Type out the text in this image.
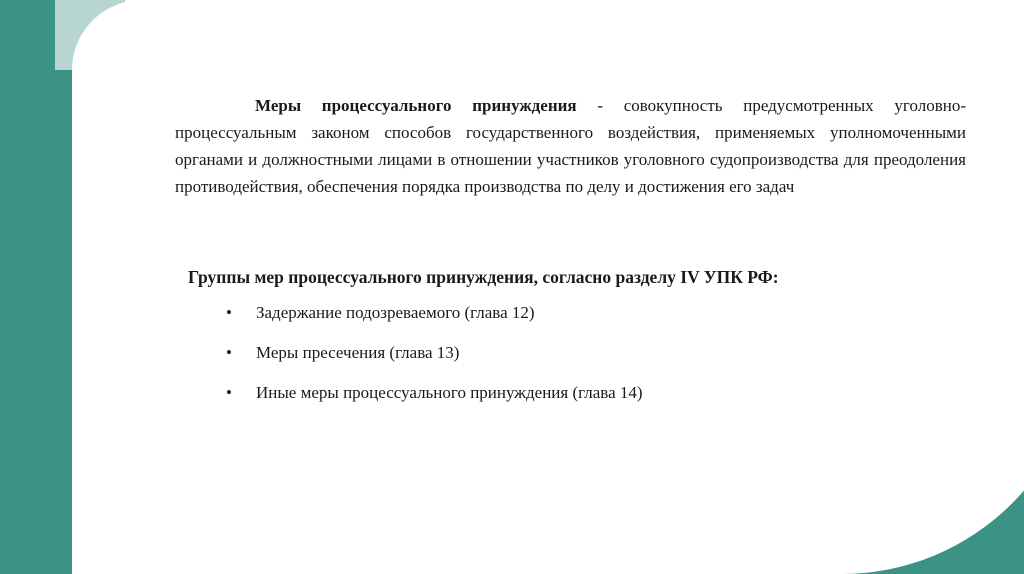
Меры процессуального принуждения - совокупность предусмотренных уголовно-процессуальным законом способов государственного воздействия, применяемых уполномоченными органами и должностными лицами в отношении участников уголовного судопроизводства для преодоления противодействия, обеспечения порядка производства по делу и достижения его задач

Группы мер процессуального принуждения, согласно разделу IV УПК РФ:

• Задержание подозреваемого (глава 12)
• Меры пресечения (глава 13)
• Иные меры процессуального принуждения (глава 14)
